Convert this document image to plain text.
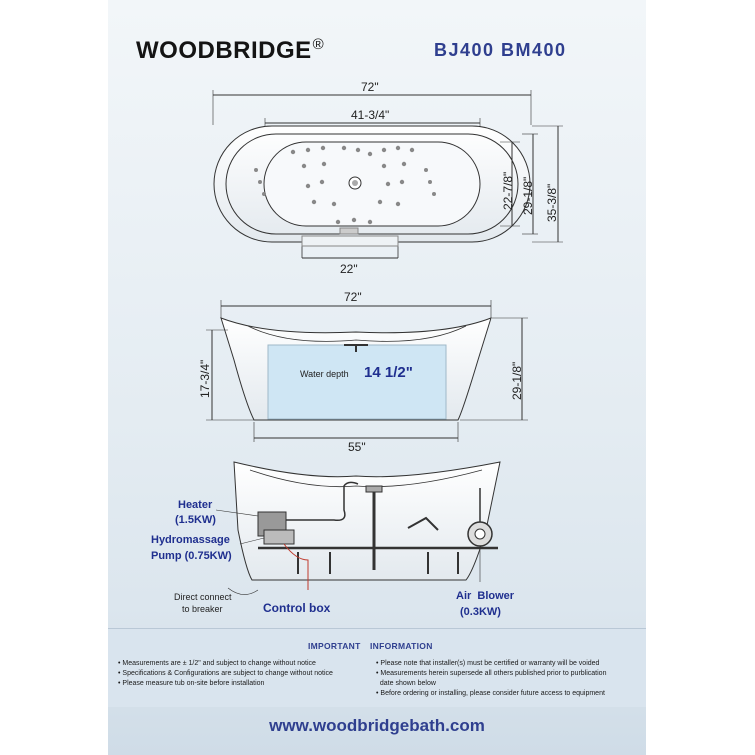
WOODBRIDGE®	BJ400 BM400
72"
41-3/4"
22-7/8" 29-1/8" 35-3/8"
22"
72"
17-3/4"	29-1/8"
55"
Water depth 14 1/2"
Heater
(1.5KW)
Hydromassage
Pump (0.75KW)
Direct connect
to breaker	Control box
Air  Blower
(0.3KW)
IMPORTANT INFORMATION
• Measurements are ± 1/2" and subject to change without notice
• Specifications & Configurations are subject to change without notice
• Please measure tub on-site before installation
• Please note that installer(s) must be certified or warranty will be voided
• Measurements herein supersede all others published prior to purblication
date shown below
• Before ordering or installing, please consider future access to equipment
www.woodbridgebath.com
